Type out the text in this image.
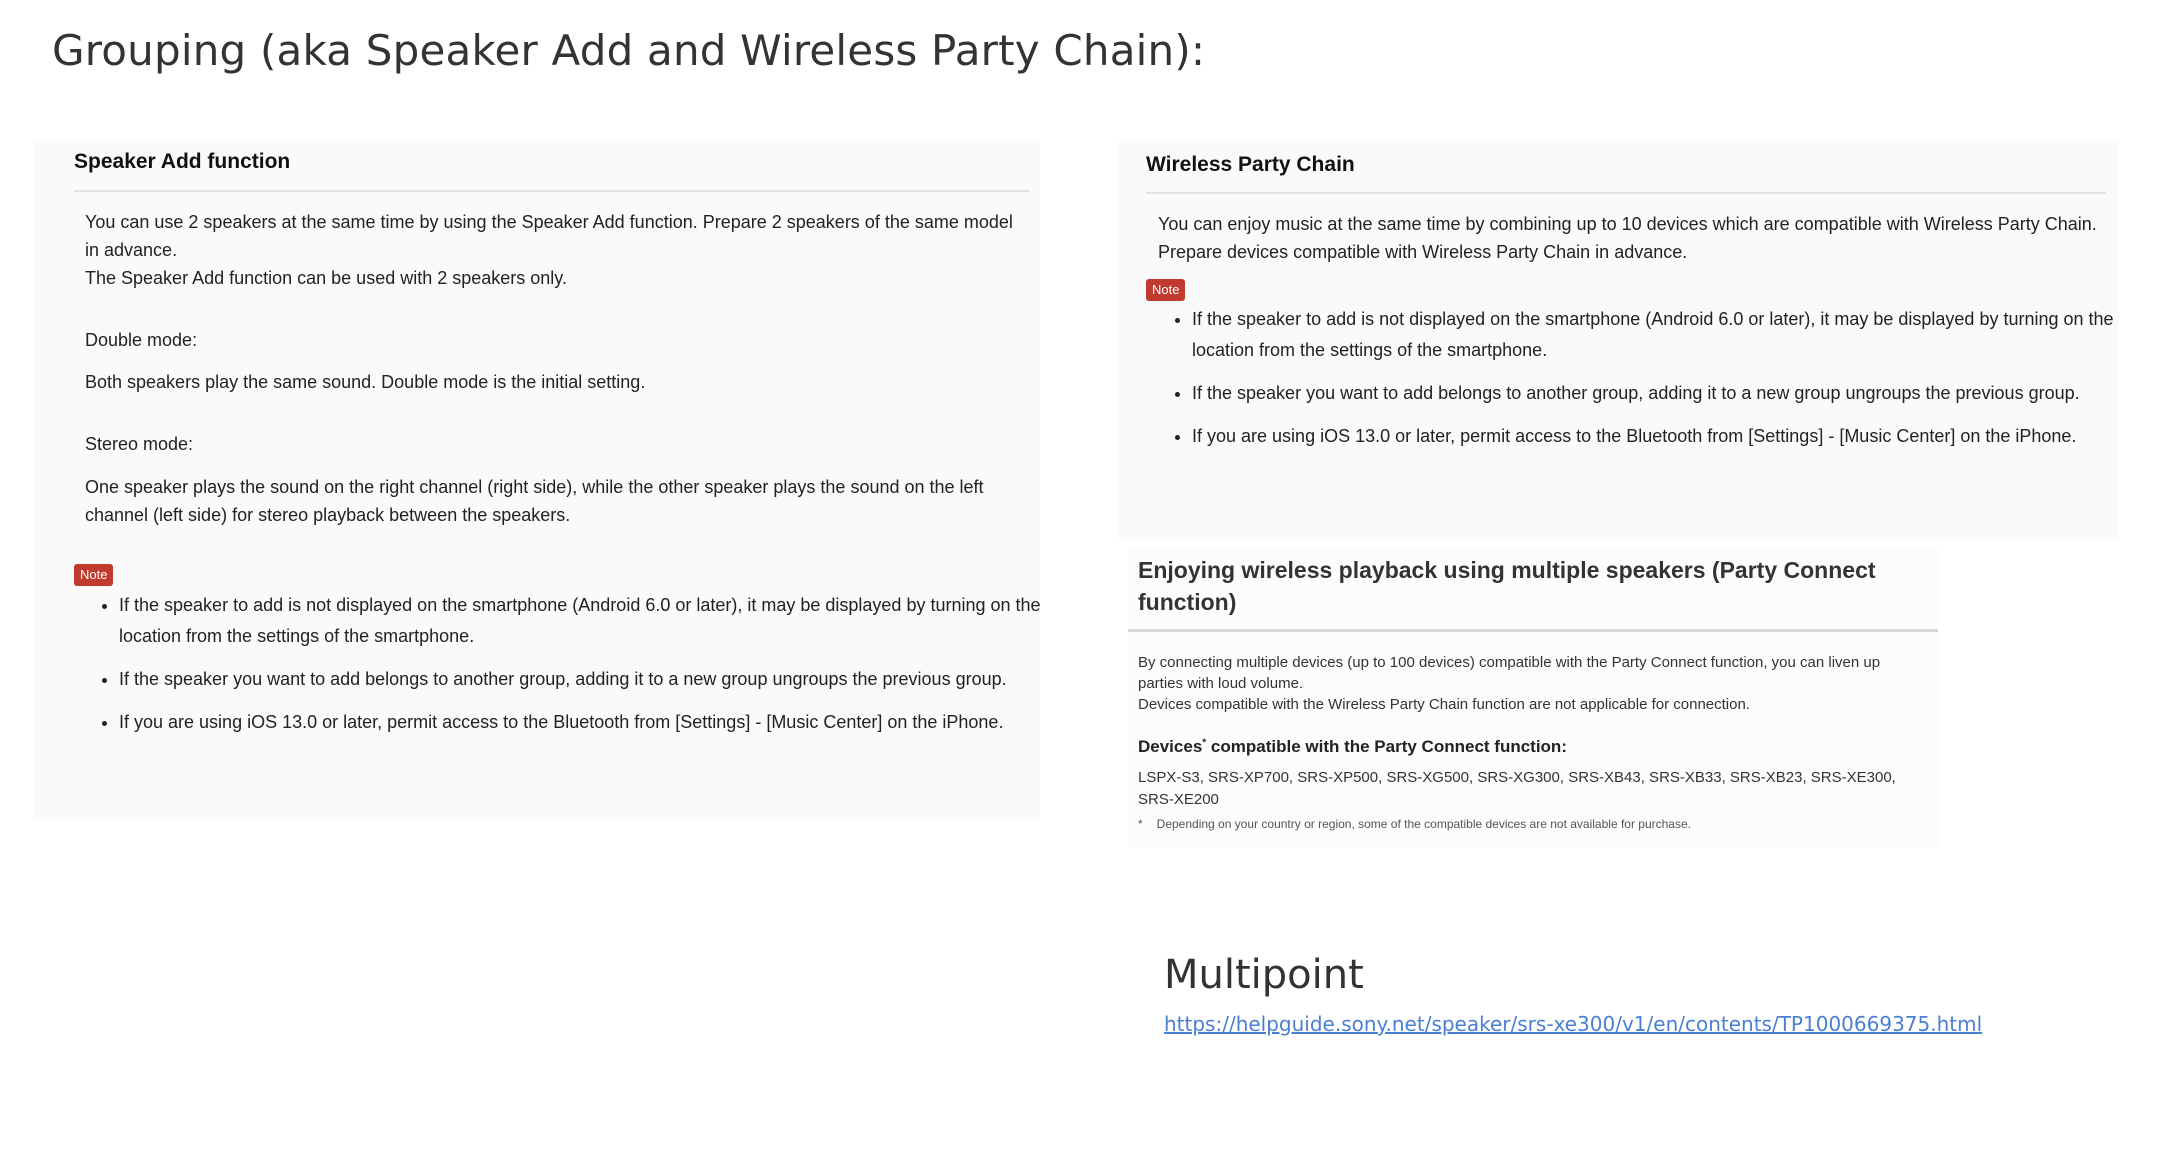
Grouping (aka Speaker Add and Wireless Party Chain):
Speaker Add function
You can use 2 speakers at the same time by using the Speaker Add function. Prepare 2 speakers of the same model in advance.
The Speaker Add function can be used with 2 speakers only.
Double mode:
Both speakers play the same sound. Double mode is the initial setting.
Stereo mode:
One speaker plays the sound on the right channel (right side), while the other speaker plays the sound on the left channel (left side) for stereo playback between the speakers.
Note
• If the speaker to add is not displayed on the smartphone (Android 6.0 or later), it may be displayed by turning on the location from the settings of the smartphone.
• If the speaker you want to add belongs to another group, adding it to a new group ungroups the previous group.
• If you are using iOS 13.0 or later, permit access to the Bluetooth from [Settings] - [Music Center] on the iPhone.
Wireless Party Chain
You can enjoy music at the same time by combining up to 10 devices which are compatible with Wireless Party Chain. Prepare devices compatible with Wireless Party Chain in advance.
Note
• If the speaker to add is not displayed on the smartphone (Android 6.0 or later), it may be displayed by turning on the location from the settings of the smartphone.
• If the speaker you want to add belongs to another group, adding it to a new group ungroups the previous group.
• If you are using iOS 13.0 or later, permit access to the Bluetooth from [Settings] - [Music Center] on the iPhone.
Enjoying wireless playback using multiple speakers (Party Connect function)
By connecting multiple devices (up to 100 devices) compatible with the Party Connect function, you can liven up parties with loud volume.
Devices compatible with the Wireless Party Chain function are not applicable for connection.
Devices* compatible with the Party Connect function:
LSPX-S3, SRS-XP700, SRS-XP500, SRS-XG500, SRS-XG300, SRS-XB43, SRS-XB33, SRS-XB23, SRS-XE300, SRS-XE200
* Depending on your country or region, some of the compatible devices are not available for purchase.
Multipoint
https://helpguide.sony.net/speaker/srs-xe300/v1/en/contents/TP1000669375.html
